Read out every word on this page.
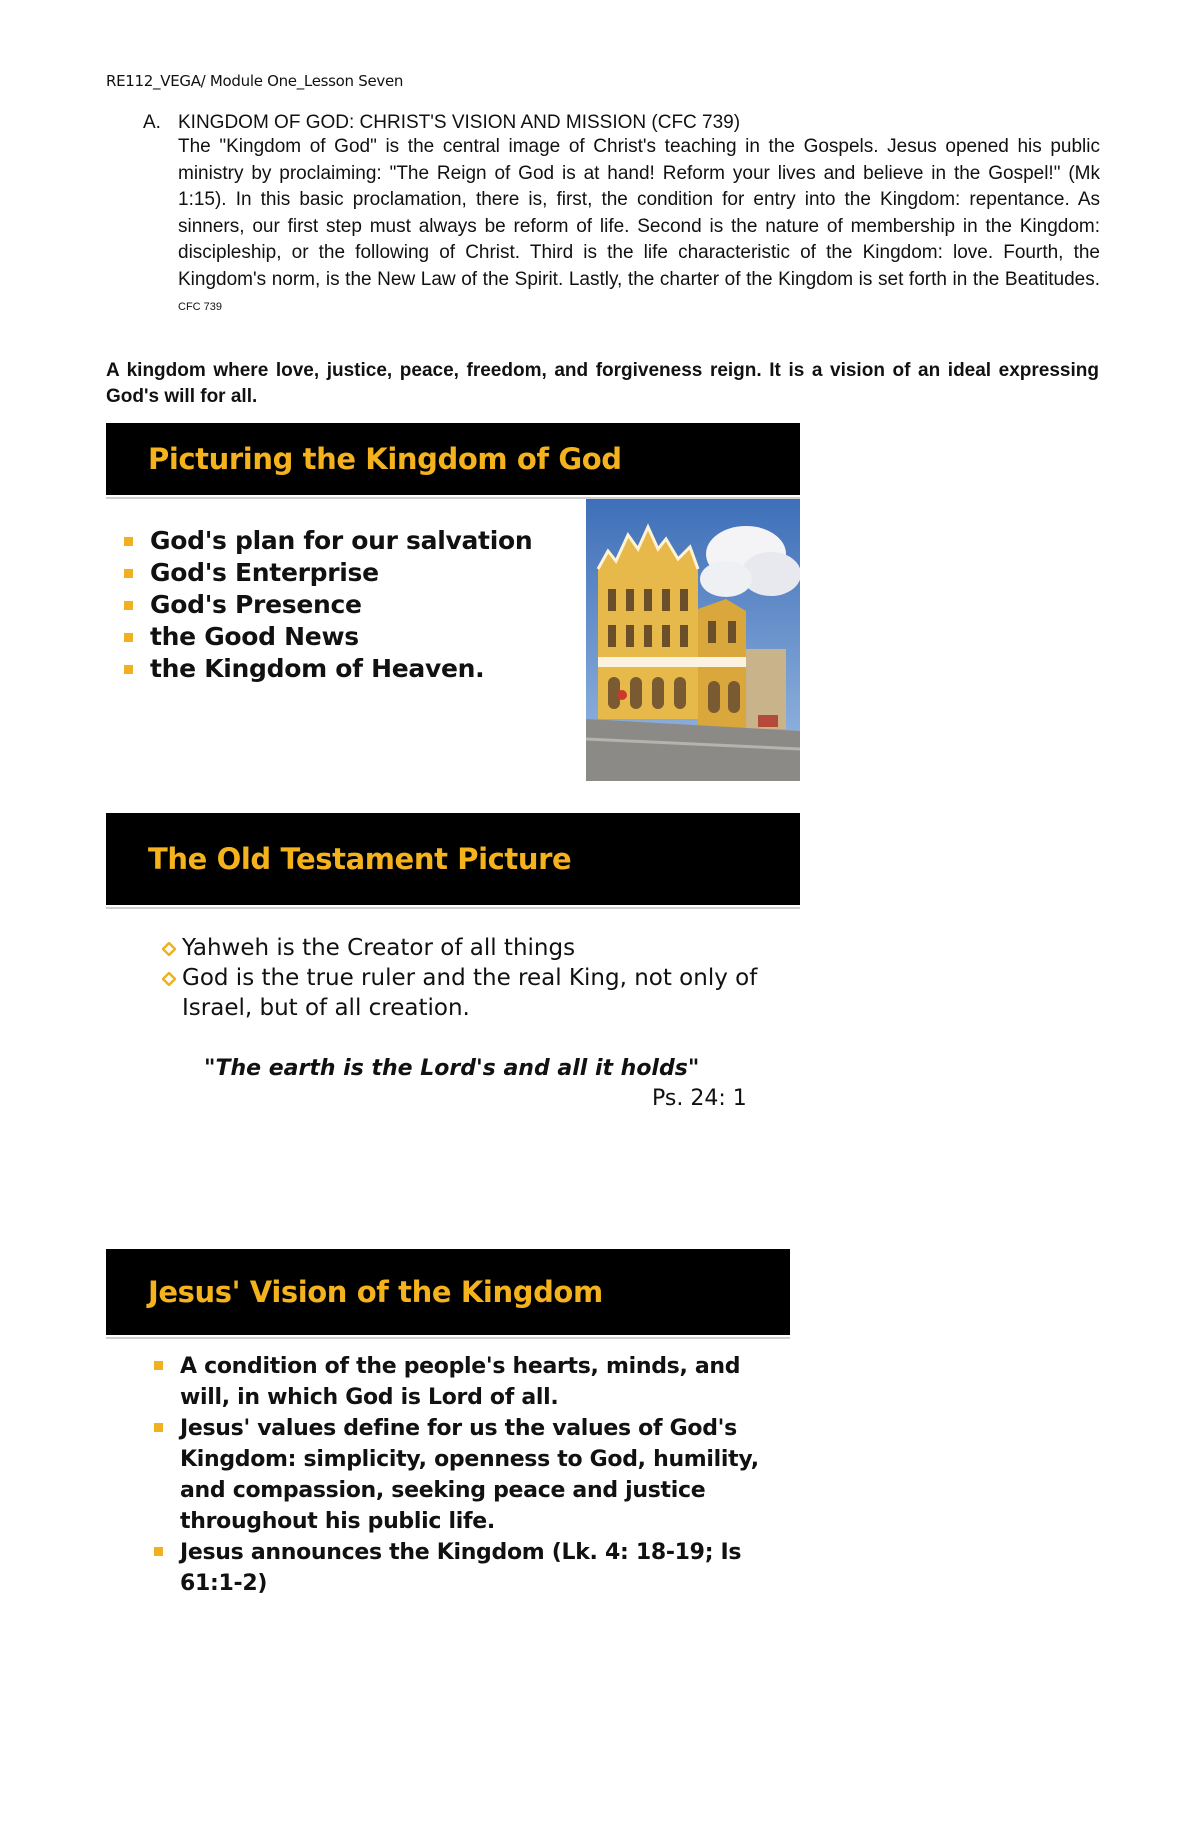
RE112_VEGA/ Module One_Lesson Seven
A. KINGDOM OF GOD: CHRIST'S VISION AND MISSION (CFC 739)
The "Kingdom of God" is the central image of Christ's teaching in the Gospels. Jesus opened his public ministry by proclaiming: "The Reign of God is at hand! Reform your lives and believe in the Gospel!" (Mk 1:15). In this basic proclamation, there is, first, the condition for entry into the Kingdom: repentance. As sinners, our first step must always be reform of life. Second is the nature of membership in the Kingdom: discipleship, or the following of Christ. Third is the life characteristic of the Kingdom: love. Fourth, the Kingdom's norm, is the New Law of the Spirit. Lastly, the charter of the Kingdom is set forth in the Beatitudes. $^{CFC 739}$
A kingdom where love, justice, peace, freedom, and forgiveness reign. It is a vision of an ideal expressing God's will for all.
Picturing the Kingdom of God
God's plan for our salvation
God's Enterprise
God's Presence
the Good News
the Kingdom of Heaven.
The Old Testament Picture
Yahweh is the Creator of all things
God is the true ruler and the real King, not only of Israel, but of all creation.
"The earth is the Lord's and all it holds"
Ps. 24: 1
Jesus' Vision of the Kingdom
A condition of the people's hearts, minds, and will, in which God is Lord of all.
Jesus' values define for us the values of God's Kingdom: simplicity, openness to God, humility, and compassion, seeking peace and justice throughout his public life.
Jesus announces the Kingdom (Lk. 4: 18-19; Is 61:1-2)
